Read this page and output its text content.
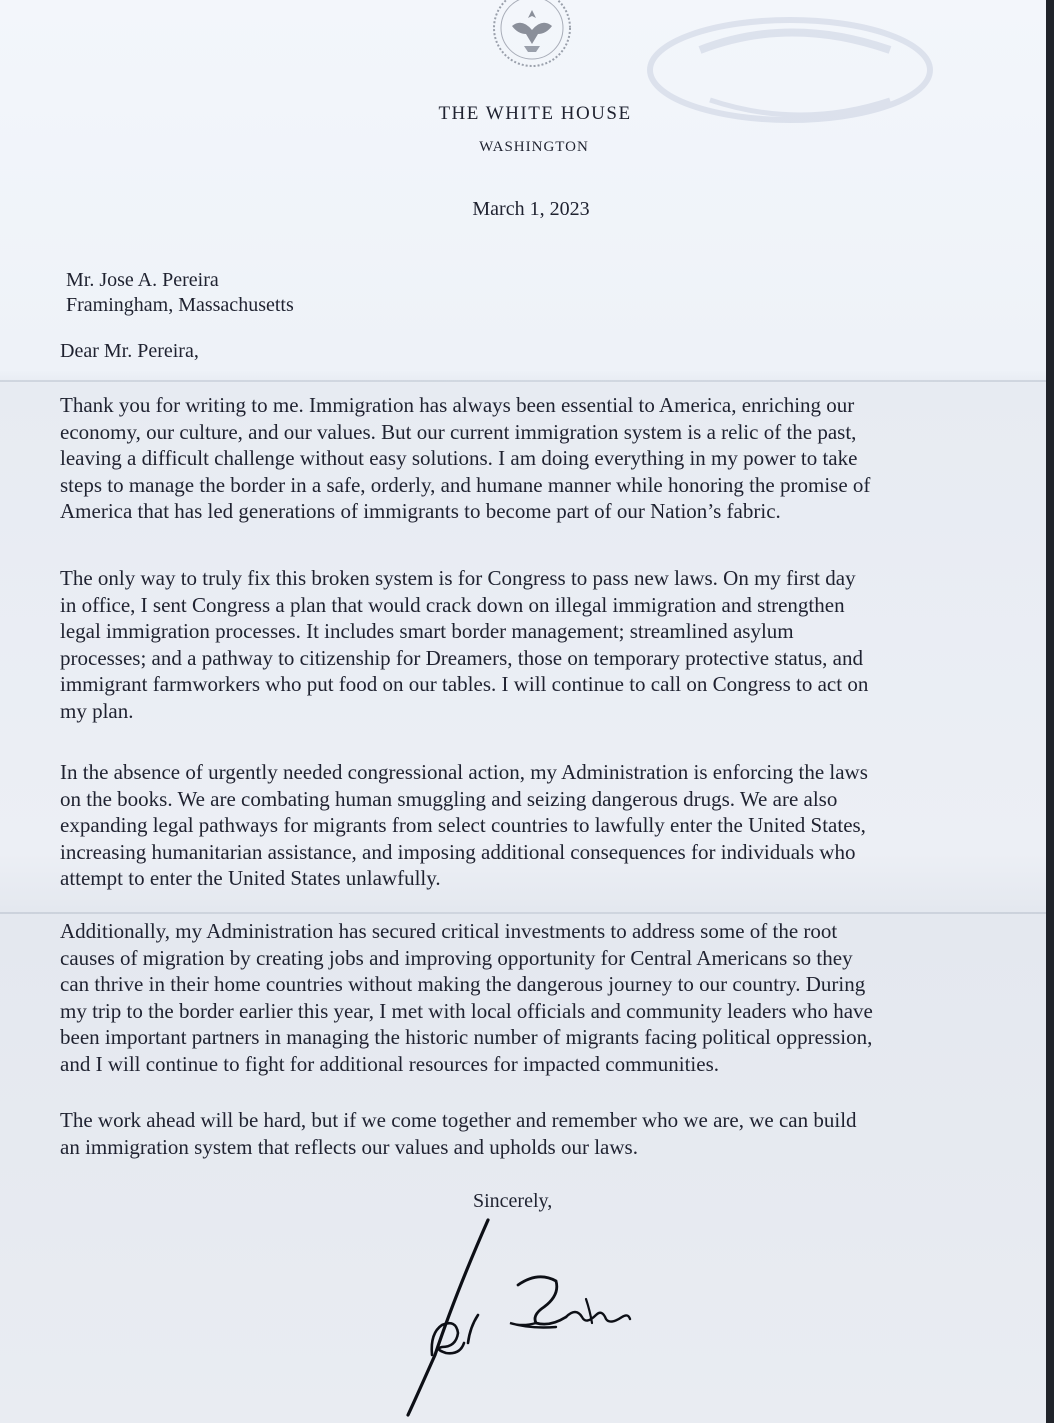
THE WHITE HOUSE
WASHINGTON
March 1, 2023
Mr. Jose A. Pereira
Framingham, Massachusetts
Dear Mr. Pereira,
Thank you for writing to me. Immigration has always been essential to America, enriching our
economy, our culture, and our values. But our current immigration system is a relic of the past,
leaving a difficult challenge without easy solutions. I am doing everything in my power to take
steps to manage the border in a safe, orderly, and humane manner while honoring the promise of
America that has led generations of immigrants to become part of our Nation’s fabric.
The only way to truly fix this broken system is for Congress to pass new laws. On my first day
in office, I sent Congress a plan that would crack down on illegal immigration and strengthen
legal immigration processes. It includes smart border management; streamlined asylum
processes; and a pathway to citizenship for Dreamers, those on temporary protective status, and
immigrant farmworkers who put food on our tables. I will continue to call on Congress to act on
my plan.
In the absence of urgently needed congressional action, my Administration is enforcing the laws
on the books. We are combating human smuggling and seizing dangerous drugs. We are also
expanding legal pathways for migrants from select countries to lawfully enter the United States,
increasing humanitarian assistance, and imposing additional consequences for individuals who
attempt to enter the United States unlawfully.
Additionally, my Administration has secured critical investments to address some of the root
causes of migration by creating jobs and improving opportunity for Central Americans so they
can thrive in their home countries without making the dangerous journey to our country. During
my trip to the border earlier this year, I met with local officials and community leaders who have
been important partners in managing the historic number of migrants facing political oppression,
and I will continue to fight for additional resources for impacted communities.
The work ahead will be hard, but if we come together and remember who we are, we can build
an immigration system that reflects our values and upholds our laws.
Sincerely,
